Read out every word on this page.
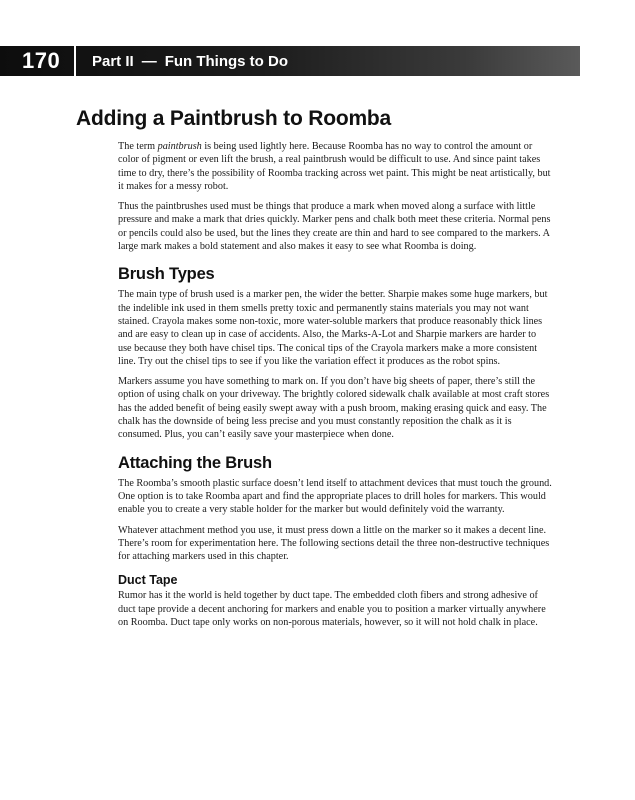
170 Part II — Fun Things to Do
Adding a Paintbrush to Roomba

The term paintbrush is being used lightly here. Because Roomba has no way to control the amount or color of pigment or even lift the brush, a real paintbrush would be difficult to use. And since paint takes time to dry, there’s the possibility of Roomba tracking across wet paint. This might be neat artistically, but it makes for a messy robot.

Thus the paintbrushes used must be things that produce a mark when moved along a surface with little pressure and make a mark that dries quickly. Marker pens and chalk both meet these criteria. Normal pens or pencils could also be used, but the lines they create are thin and hard to see compared to the markers. A large mark makes a bold statement and also makes it easy to see what Roomba is doing.

Brush Types

The main type of brush used is a marker pen, the wider the better. Sharpie makes some huge markers, but the indelible ink used in them smells pretty toxic and permanently stains materials you may not want stained. Crayola makes some non-toxic, more water-soluble markers that produce reasonably thick lines and are easy to clean up in case of accidents. Also, the Marks-A-Lot and Sharpie markers are harder to use because they both have chisel tips. The conical tips of the Crayola markers make a more consistent line. Try out the chisel tips to see if you like the variation effect it produces as the robot spins.

Markers assume you have something to mark on. If you don’t have big sheets of paper, there’s still the option of using chalk on your driveway. The brightly colored sidewalk chalk available at most craft stores has the added benefit of being easily swept away with a push broom, making erasing quick and easy. The chalk has the downside of being less precise and you must constantly reposition the chalk as it is consumed. Plus, you can’t easily save your masterpiece when done.

Attaching the Brush

The Roomba’s smooth plastic surface doesn’t lend itself to attachment devices that must touch the ground. One option is to take Roomba apart and find the appropriate places to drill holes for markers. This would enable you to create a very stable holder for the marker but would definitely void the warranty.

Whatever attachment method you use, it must press down a little on the marker so it makes a decent line. There’s room for experimentation here. The following sections detail the three non-destructive techniques for attaching markers used in this chapter.

Duct Tape

Rumor has it the world is held together by duct tape. The embedded cloth fibers and strong adhesive of duct tape provide a decent anchoring for markers and enable you to position a marker virtually anywhere on Roomba. Duct tape only works on non-porous materials, however, so it will not hold chalk in place.
